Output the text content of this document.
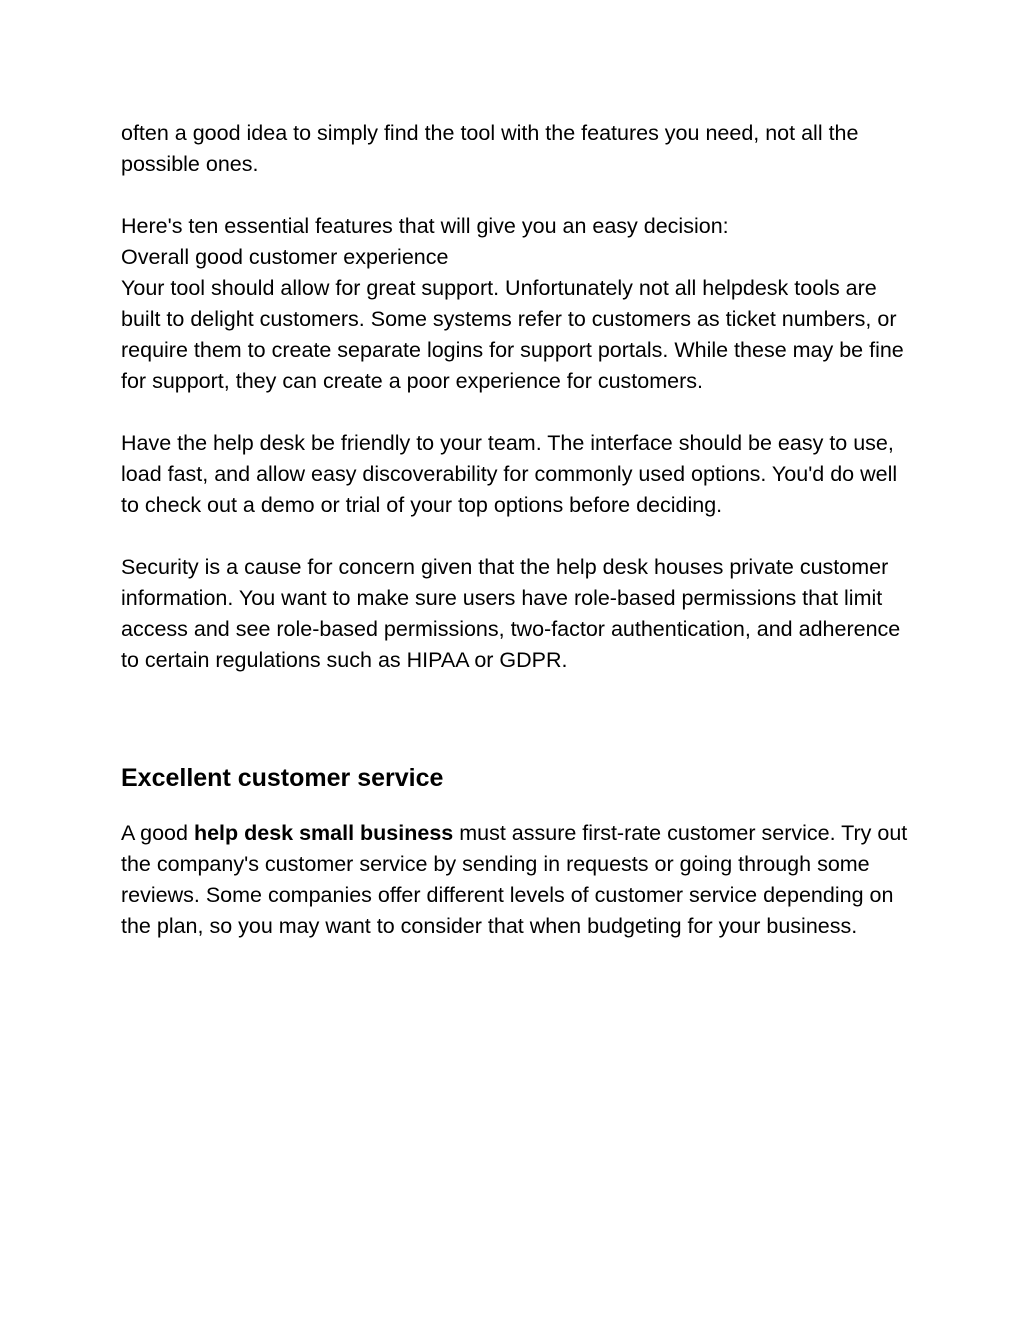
often a good idea to simply find the tool with the features you need, not all the possible ones.

Here's ten essential features that will give you an easy decision:

Overall good customer experience

Your tool should allow for great support. Unfortunately not all helpdesk tools are built to delight customers. Some systems refer to customers as ticket numbers, or require them to create separate logins for support portals. While these may be fine for support, they can create a poor experience for customers.

Have the help desk be friendly to your team. The interface should be easy to use, load fast, and allow easy discoverability for commonly used options. You'd do well to check out a demo or trial of your top options before deciding.

Security is a cause for concern given that the help desk houses private customer information. You want to make sure users have role-based permissions that limit access and see role-based permissions, two-factor authentication, and adherence to certain regulations such as HIPAA or GDPR.

Excellent customer service

A good help desk small business must assure first-rate customer service. Try out the company's customer service by sending in requests or going through some reviews. Some companies offer different levels of customer service depending on the plan, so you may want to consider that when budgeting for your business.
